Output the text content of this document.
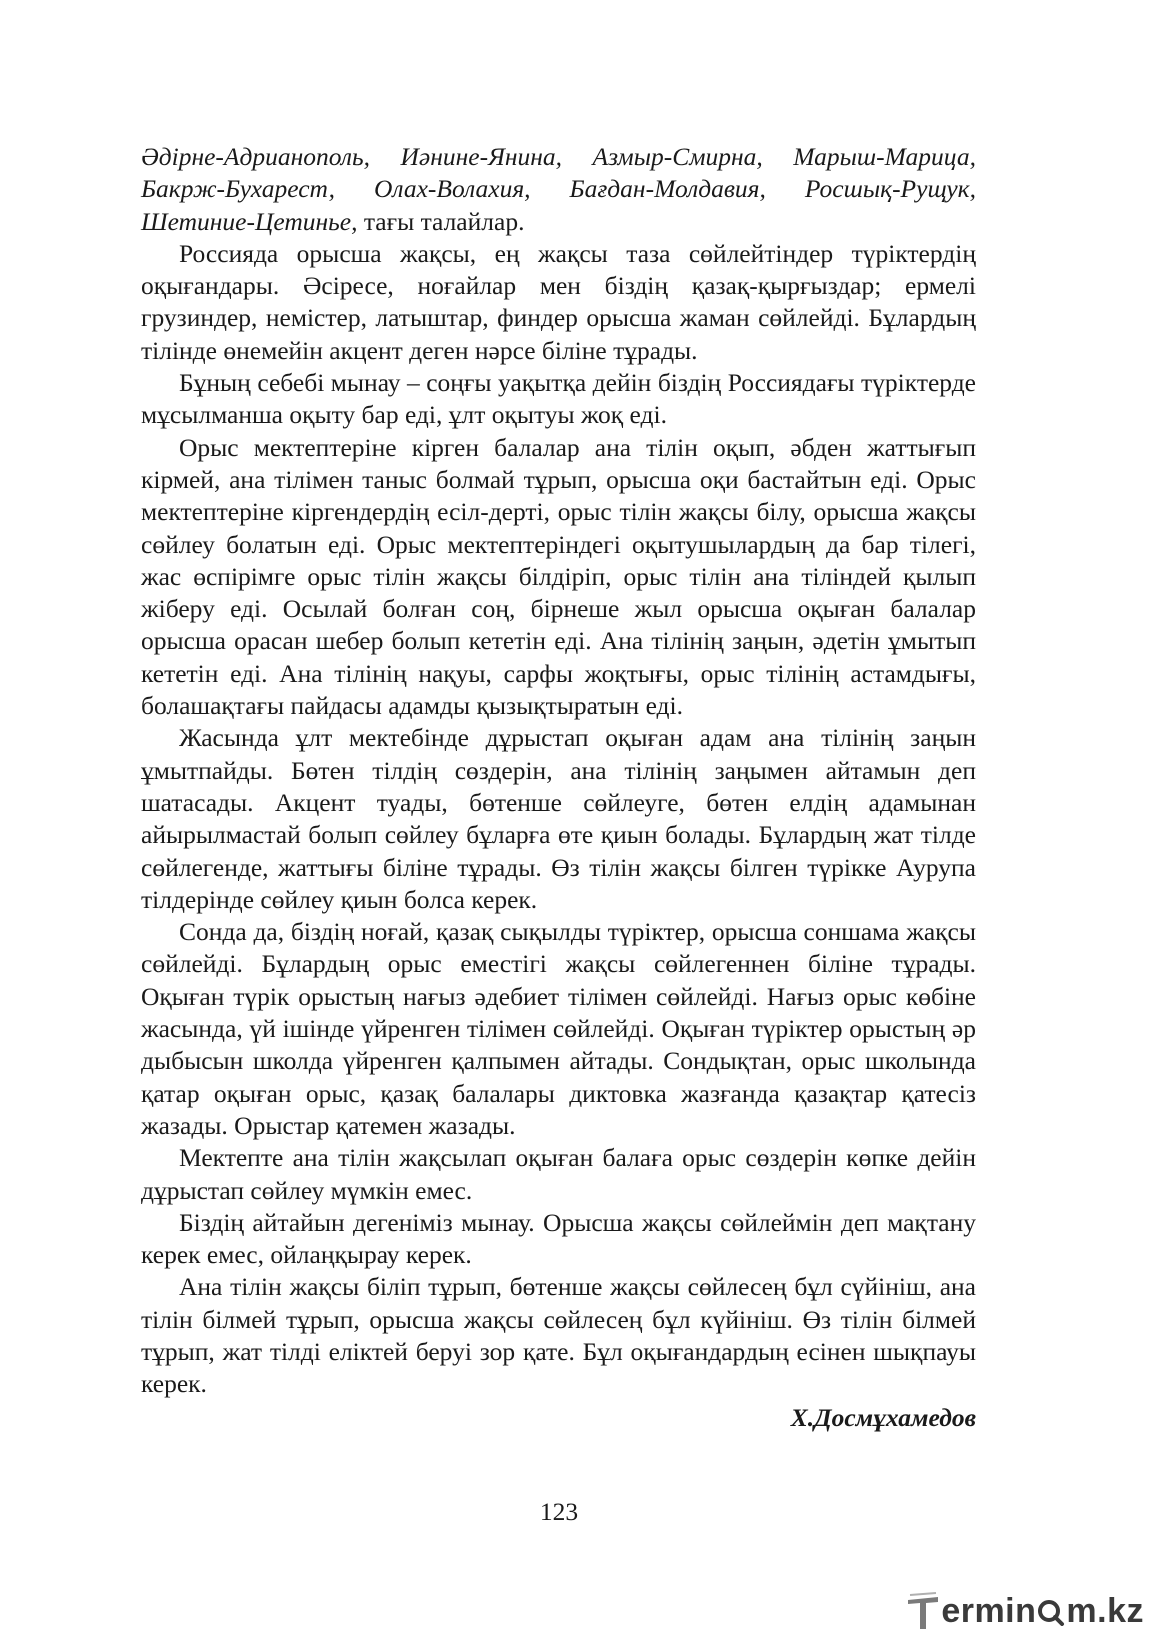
Әдірне-Адрианополь, Иәнине-Янина, Азмыр-Смирна, Марыш-Марица, Бакрж-Бухарест, Олах-Волахия, Бағдан-Молдавия, Росшық-Рущук, Шетиние-Цетинье, тағы талайлар.

Россияда орысша жақсы, ең жақсы таза сөйлейтіндер түріктердің оқығандары. Әсіресе, ноғайлар мен біздің қазақ-қырғыздар; ермелі грузиндер, немістер, латыштар, финдер орысша жаман сөйлейді. Бұлардың тілінде өнемейін акцент деген нәрсе біліне тұрады.

Бұның себебі мынау – соңғы уақытқа дейін біздің Россиядағы түріктерде мұсылманша оқыту бар еді, ұлт оқытуы жоқ еді.

Орыс мектептеріне кірген балалар ана тілін оқып, әбден жаттығып кірмей, ана тілімен таныс болмай тұрып, орысша оқи бастайтын еді. Орыс мектептеріне кіргендердің есіл-дерті, орыс тілін жақсы білу, орысша жақсы сөйлеу болатын еді. Орыс мектептеріндегі оқытушылардың да бар тілегі, жас өспірімге орыс тілін жақсы білдіріп, орыс тілін ана тіліндей қылып жіберу еді. Осылай болған соң, бірнеше жыл орысша оқыған балалар орысша орасан шебер болып кететін еді. Ана тілінің заңын, әдетін ұмытып кететін еді. Ана тілінің нақуы, сарфы жоқтығы, орыс тілінің астамдығы, болашақтағы пайдасы адамды қызықтыратын еді.

Жасында ұлт мектебінде дұрыстап оқыған адам ана тілінің заңын ұмытпайды. Бөтен тілдің сөздерін, ана тілінің заңымен айтамын деп шатасады. Акцент туады, бөтенше сөйлеуге, бөтен елдің адамынан айырылмастай болып сөйлеу бұларға өте қиын болады. Бұлардың жат тілде сөйлегенде, жаттығы біліне тұрады. Өз тілін жақсы білген түрікке Аурупа тілдерінде сөйлеу қиын болса керек.

Сонда да, біздің ноғай, қазақ сықылды түріктер, орысша соншама жақсы сөйлейді. Бұлардың орыс еместігі жақсы сөйлегеннен біліне тұрады. Оқыған түрік орыстың нағыз әдебиет тілімен сөйлейді. Нағыз орыс көбіне жасында, үй ішінде үйренген тілімен сөйлейді. Оқыған түріктер орыстың әр дыбысын школда үйренген қалпымен айтады. Сондықтан, орыс школында қатар оқыған орыс, қазақ балалары диктовка жазғанда қазақтар қатесіз жазады. Орыстар қатемен жазады.

Мектепте ана тілін жақсылап оқыған балаға орыс сөздерін көпке дейін дұрыстап сөйлеу мүмкін емес.

Біздің айтайын дегеніміз мынау. Орысша жақсы сөйлеймін деп мақтану керек емес, ойлаңқырау керек.

Ана тілін жақсы біліп тұрып, бөтенше жақсы сөйлесең бұл сүйініш, ана тілін білмей тұрып, орысша жақсы сөйлесең бұл күйініш. Өз тілін білмей тұрып, жат тілді еліктей беруі зор қате. Бұл оқығандардың есінен шықпауы керек.

Х.Досмұхамедов

123
ermin m.kz
